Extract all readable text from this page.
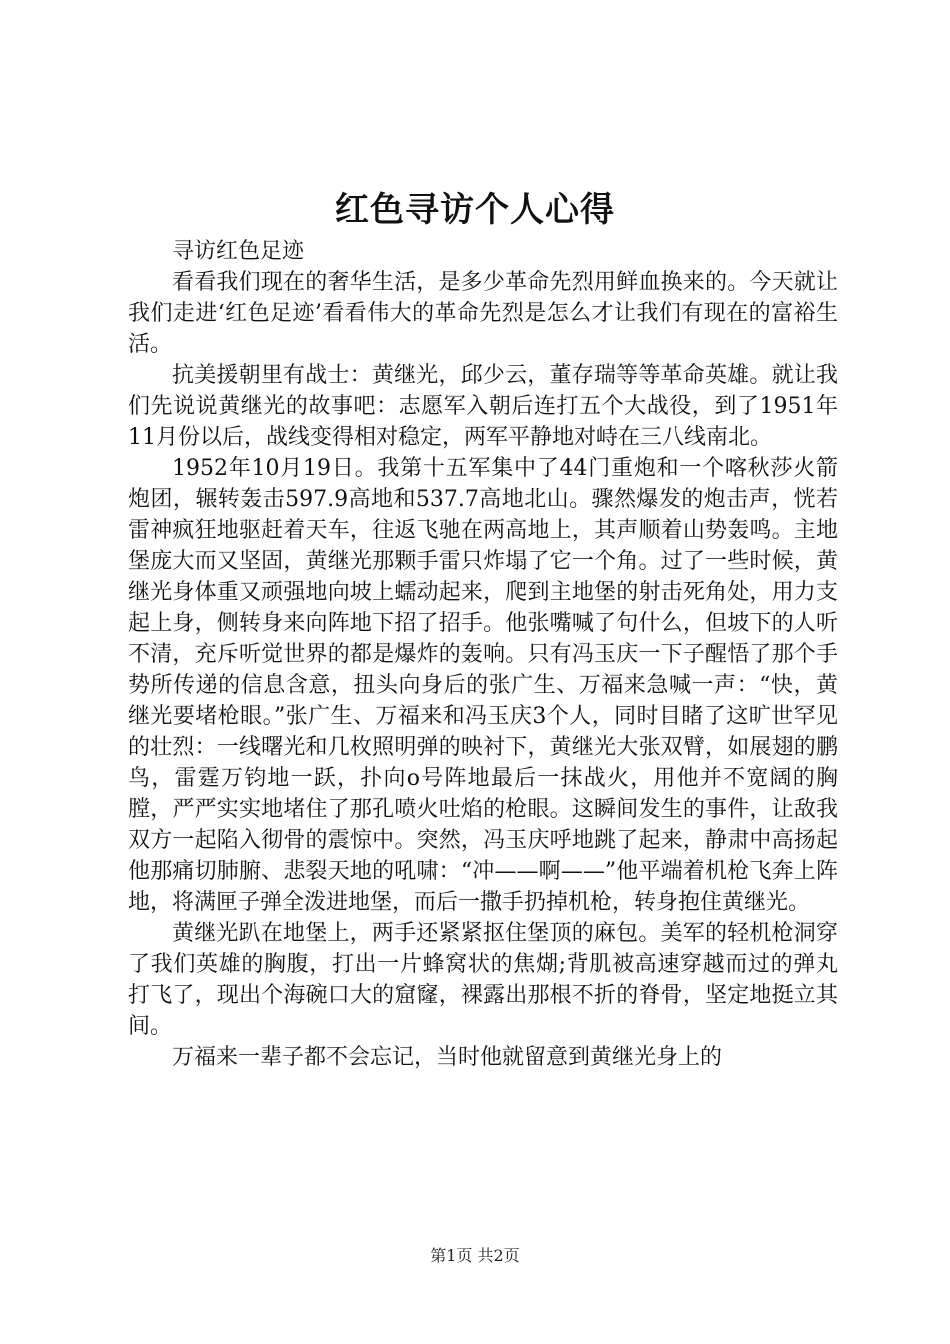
红色寻访个人心得

寻访红色足迹

看看我们现在的奢华生活，是多少革命先烈用鲜血换来的。今天就让我们走进‘红色足迹’看看伟大的革命先烈是怎么才让我们有现在的富裕生活。

抗美援朝里有战士：黄继光，邱少云，董存瑞等等革命英雄。就让我们先说说黄继光的故事吧：志愿军入朝后连打五个大战役，到了1951年11月份以后，战线变得相对稳定，两军平静地对峙在三八线南北。

1952年10月19日。我第十五军集中了44门重炮和一个喀秋莎火箭炮团，辗转轰击597.9高地和537.7高地北山。骤然爆发的炮击声，恍若雷神疯狂地驱赶着天车，往返飞驰在两高地上，其声顺着山势轰鸣。主地堡庞大而又坚固，黄继光那颗手雷只炸塌了它一个角。过了一些时候，黄继光身体重又顽强地向坡上蠕动起来，爬到主地堡的射击死角处，用力支起上身，侧转身来向阵地下招了招手。他张嘴喊了句什么，但坡下的人听不清，充斥听觉世界的都是爆炸的轰响。只有冯玉庆一下子醒悟了那个手势所传递的信息含意，扭头向身后的张广生、万福来急喊一声：“快，黄继光要堵枪眼。”张广生、万福来和冯玉庆3个人，同时目睹了这旷世罕见的壮烈：一线曙光和几枚照明弹的映衬下，黄继光大张双臂，如展翅的鹏鸟，雷霆万钧地一跃，扑向o号阵地最后一抹战火，用他并不宽阔的胸膛，严严实实地堵住了那孔喷火吐焰的枪眼。这瞬间发生的事件，让敌我双方一起陷入彻骨的震惊中。突然，冯玉庆呼地跳了起来，静肃中高扬起他那痛切肺腑、悲裂天地的吼啸：“冲——啊——”他平端着机枪飞奔上阵地，将满匣子弹全泼进地堡，而后一撒手扔掉机枪，转身抱住黄继光。

黄继光趴在地堡上，两手还紧紧抠住堡顶的麻包。美军的轻机枪洞穿了我们英雄的胸腹，打出一片蜂窝状的焦煳;背肌被高速穿越而过的弹丸打飞了，现出个海碗口大的窟窿，裸露出那根不折的脊骨，坚定地挺立其间。

万福来一辈子都不会忘记，当时他就留意到黄继光身上的

第1页 共2页
